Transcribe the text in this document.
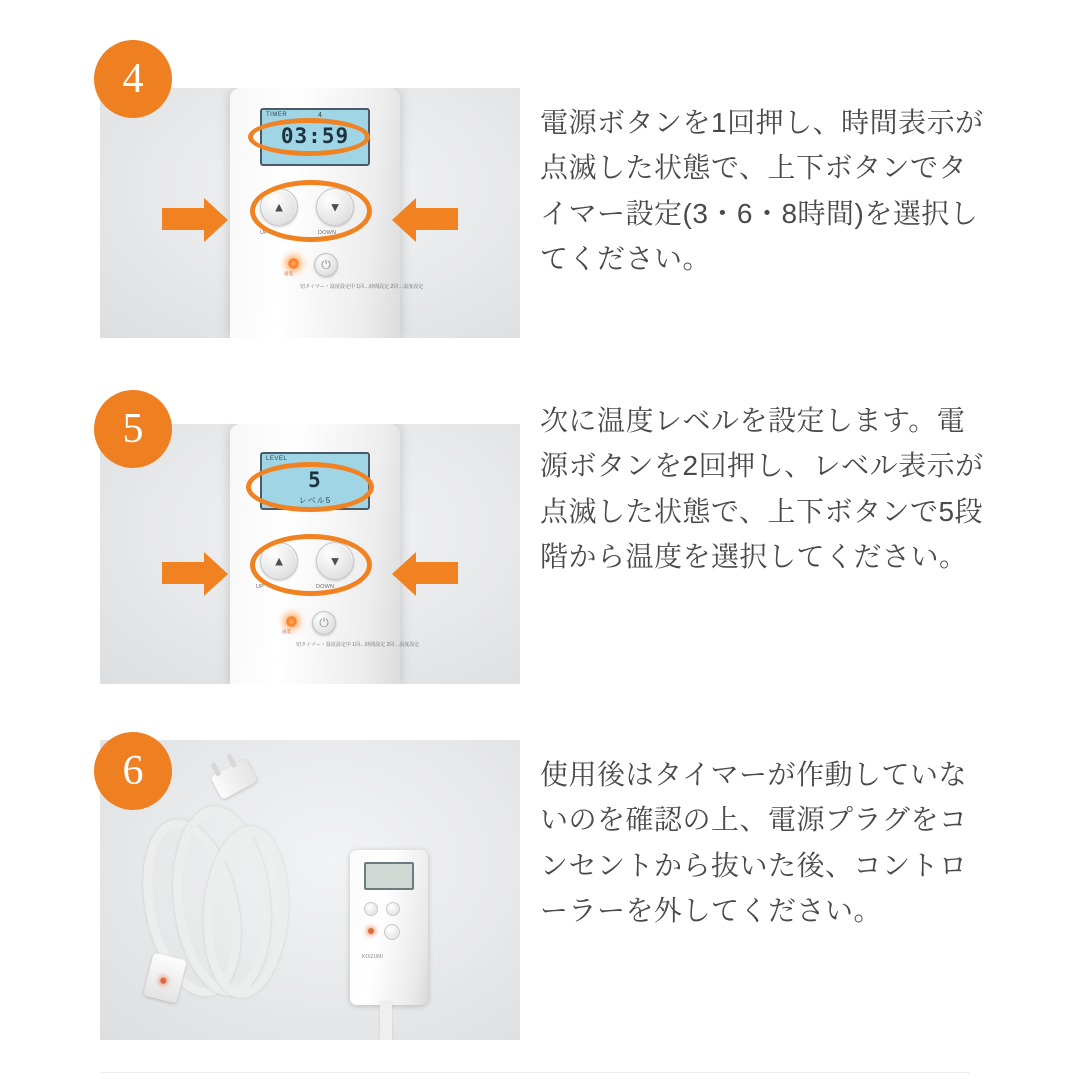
4
TIMER	4
03:59
▲	▼
UP	DOWN
通電
⏻
切タイマー・温度設定中 1回…時間設定 2回…温度設定
電源ボタンを1回押し、時間表示が点滅した状態で、上下ボタンでタイマー設定(3・6・8時間)を選択してください。
5
LEVEL
5
レベル5
▲	▼
UP	DOWN
通電
⏻
切タイマー・温度設定中 1回…時間設定 2回…温度設定
次に温度レベルを設定します。電源ボタンを2回押し、レベル表示が点滅した状態で、上下ボタンで5段階から温度を選択してください。
6
KOIZUMI
使用後はタイマーが作動していないのを確認の上、電源プラグをコンセントから抜いた後、コントローラーを外してください。
